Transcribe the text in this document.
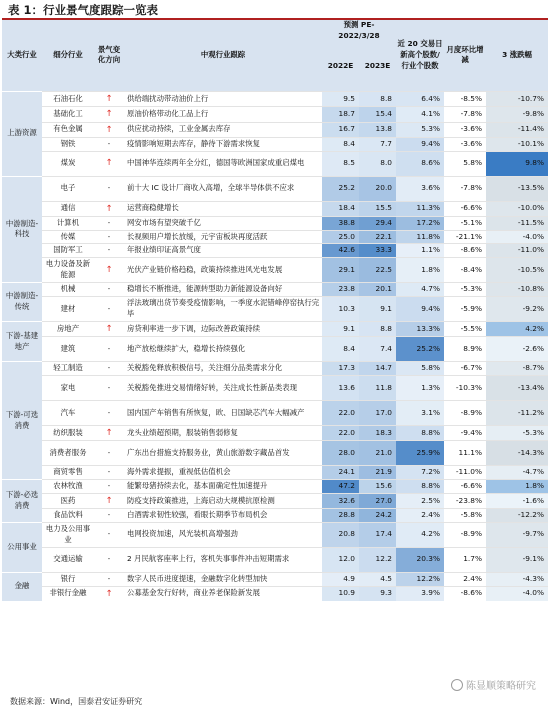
表 1：行业景气度跟踪一览表
大类行业	细分行业	景气变化方向	中观行业跟踪	预测 PE-2022/3/28		近 20 交易日新高个股数/行业个股数	月度环比增减	3 涨跌幅
				2022E	2023E			
上游资源	石油石化	↑	供给端扰动带动油价上行	9.5	8.8	6.4%	-8.5%	-10.7%
	基础化工	↑	原油价格带动化工品上行	18.7	15.4	4.1%	-7.8%	-9.8%
	有色金属	↑	供应扰动持续，工业金属去库存	16.7	13.8	5.3%	-3.6%	-11.4%
	钢铁	-	疫情影响短期去库存，静待下游需求恢复	8.4	7.7	9.4%	-3.6%	-10.1%
	煤炭	↑	中国神华连续两年全分红，德国等欧洲国家成重启煤电	8.5	8.0	8.6%	5.8%	9.8%
中游制造-科技	电子	-	前十大 IC 设计厂商收入高增，全球半导体供不应求	25.2	20.0	3.6%	-7.8%	-13.5%
	通信	↑	运营商稳健增长	18.4	15.5	11.3%	-6.6%	-10.0%
	计算机	-	网安市场有望突破千亿	38.8	29.4	17.2%	-5.1%	-11.5%
	传媒	-	长视频用户增长放缓，元宇宙板块再度活跃	25.0	22.1	11.8%	-21.1%	-4.0%
	国防军工	-	年报业绩印证高景气度	42.6	33.3	1.1%	-8.6%	-11.0%
	电力设备及新能源	↑	光伏产业链价格趋稳，政策持续推进风光电发展	29.1	22.5	1.8%	-8.4%	-10.5%
中游制造-传统	机械	-	稳增长不断推进，能源转型助力新能源设备向好	23.8	20.1	4.7%	-5.3%	-10.8%
	建材	-	浮法玻璃出货节奏受疫情影响，一季度水泥错峰停窑执行完毕	10.3	9.1	9.4%	-5.9%	-9.2%
下游-基建地产	房地产	↑	房贷利率进一步下调，边际改善政策持续	9.1	8.8	13.3%	-5.5%	4.2%
	建筑	-	地产放松继续扩大，稳增长持续强化	8.4	7.4	25.2%	8.9%	-2.6%
下游-可选消费	轻工制造	-	关税豁免释放积极信号，关注细分品类需求分化	17.3	14.7	5.8%	-6.7%	-8.7%
	家电	-	关税豁免推进交易情绪好转，关注成长性新品类表现	13.6	11.8	1.3%	-10.3%	-13.4%
	汽车	-	国内国产车销售有所恢复，欧、日国缺芯汽车大幅减产	22.0	17.0	3.1%	-8.9%	-11.2%
	纺织服装	↑	龙头业绩超预期，服装销售弱修复	22.0	18.3	8.8%	-9.4%	-5.3%
	消费者服务	-	广东出台措施支持服务业，黄山旅游数字藏品首发	28.0	21.0	25.9%	11.1%	-14.3%
	商贸零售	-	海外需求提振，重视低估值机会	24.1	21.9	7.2%	-11.0%	-4.7%
下游-必选消费	农林牧渔	-	能繁母猪持续去化，基本面确定性加速提升	47.2	15.6	8.8%	-6.6%	1.8%
	医药	↑	防疫支持政策推进，上海启动大规模抗原检测	32.6	27.0	2.5%	-23.8%	-1.6%
	食品饮料	-	白酒需求韧性较强，看眼长期季节布局机会	28.8	24.2	2.4%	-5.8%	-12.2%
公用事业	电力及公用事业	-	电网投资加速，风光装机高增强劲	20.8	17.4	4.2%	-8.9%	-9.7%
	交通运输	-	2 月民航客座率上行，客机失事事件冲击短期需求	12.0	12.2	20.3%	1.7%	-9.1%
金融	银行	-	数字人民币进度提速，金融数字化转型加快	4.9	4.5	12.2%	2.4%	-4.3%
	非银行金融	↑	公募基金发行好转，商业养老保险新发展	10.9	9.3	3.9%	-8.6%	-4.0%
数据来源：Wind，国泰君安证券研究
陈显顺策略研究
